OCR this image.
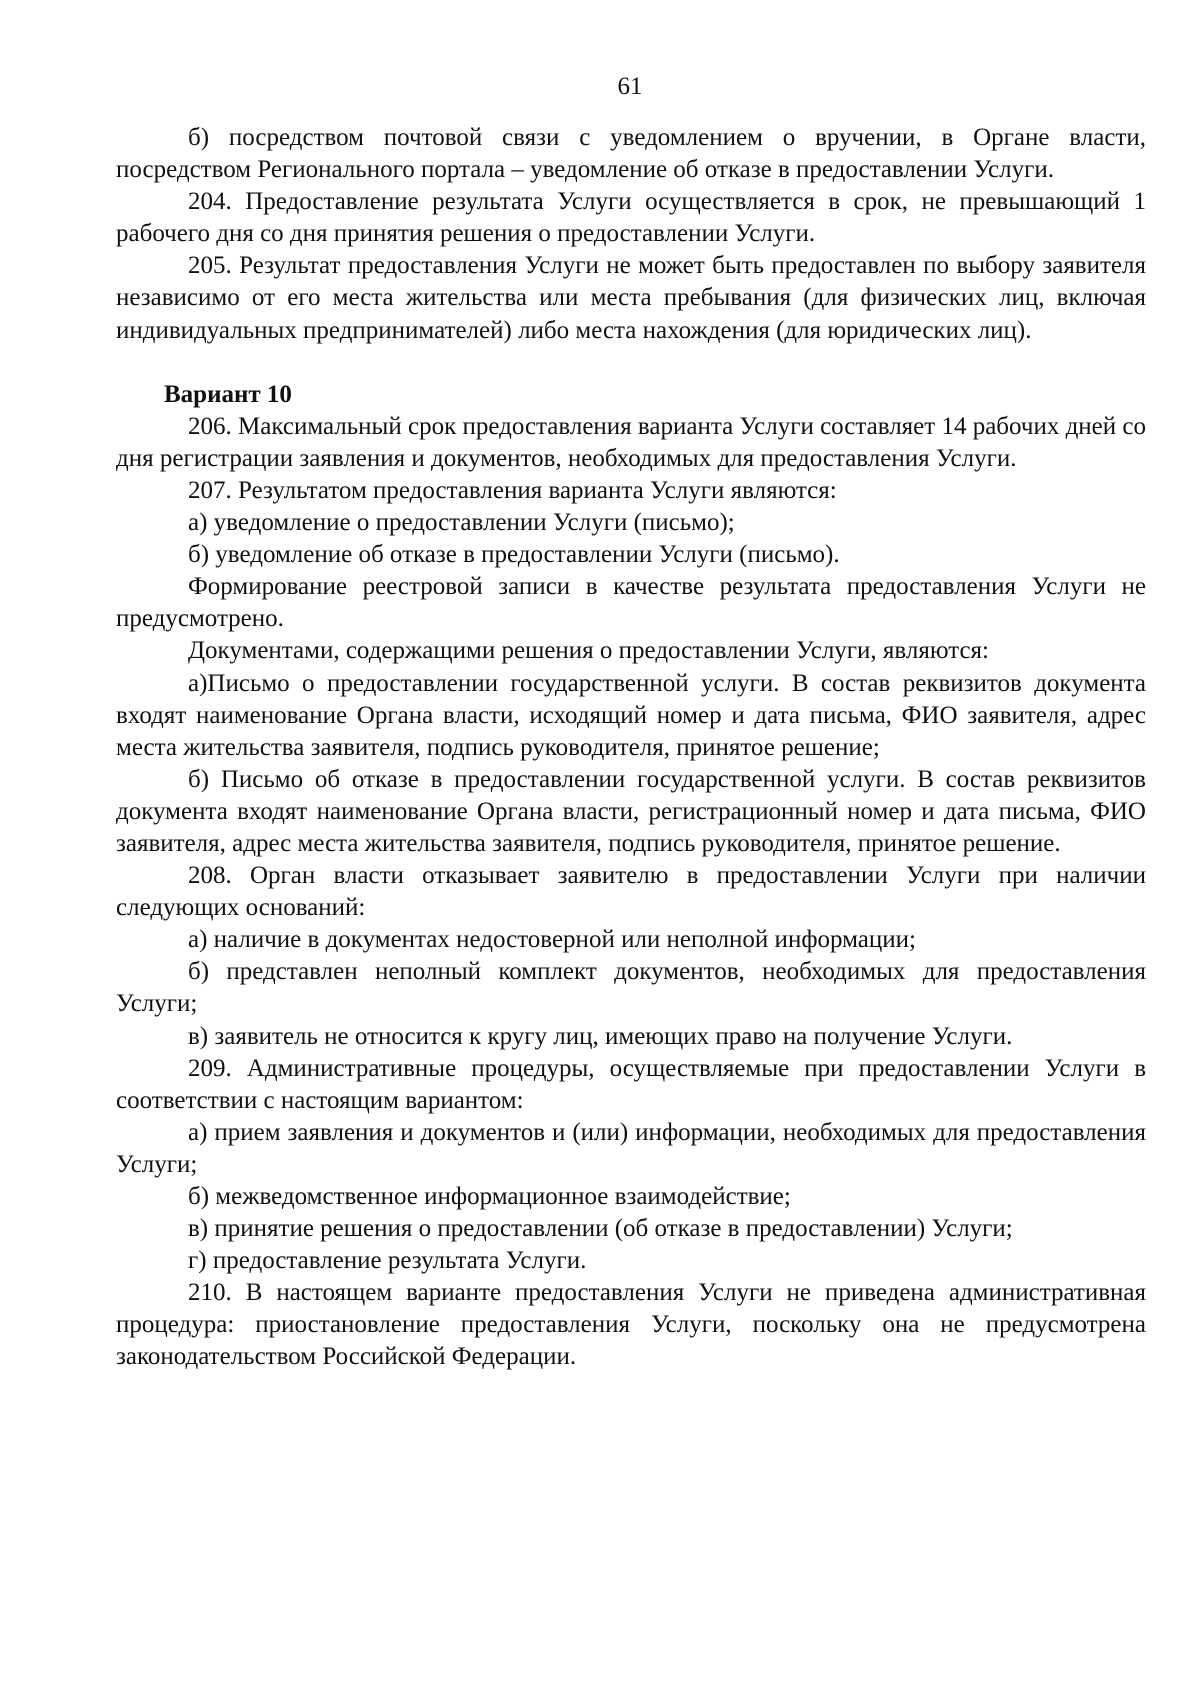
61

б) посредством почтовой связи с уведомлением о вручении, в Органе власти, посредством Регионального портала – уведомление об отказе в предоставлении Услуги.

204. Предоставление результата Услуги осуществляется в срок, не превышающий 1 рабочего дня со дня принятия решения о предоставлении Услуги.

205. Результат предоставления Услуги не может быть предоставлен по выбору заявителя независимо от его места жительства или места пребывания (для физических лиц, включая индивидуальных предпринимателей) либо места нахождения (для юридических лиц).

Вариант 10

206. Максимальный срок предоставления варианта Услуги составляет 14 рабочих дней со дня регистрации заявления и документов, необходимых для предоставления Услуги.

207. Результатом предоставления варианта Услуги являются:

а) уведомление о предоставлении Услуги (письмо);

б) уведомление об отказе в предоставлении Услуги (письмо).

Формирование реестровой записи в качестве результата предоставления Услуги не предусмотрено.

Документами, содержащими решения о предоставлении Услуги, являются:

а)Письмо о предоставлении государственной услуги. В состав реквизитов документа входят наименование Органа власти, исходящий номер и дата письма, ФИО заявителя, адрес места жительства заявителя, подпись руководителя, принятое решение;

б) Письмо об отказе в предоставлении государственной услуги. В состав реквизитов документа входят наименование Органа власти, регистрационный номер и дата письма, ФИО заявителя, адрес места жительства заявителя, подпись руководителя, принятое решение.

208. Орган власти отказывает заявителю в предоставлении Услуги при наличии следующих оснований:

а) наличие в документах недостоверной или неполной информации;

б) представлен неполный комплект документов, необходимых для предоставления Услуги;

в) заявитель не относится к кругу лиц, имеющих право на получение Услуги.

209. Административные процедуры, осуществляемые при предоставлении Услуги в соответствии с настоящим вариантом:

а) прием заявления и документов и (или) информации, необходимых для предоставления Услуги;

б) межведомственное информационное взаимодействие;

в) принятие решения о предоставлении (об отказе в предоставлении) Услуги;

г) предоставление результата Услуги.

210. В настоящем варианте предоставления Услуги не приведена административная процедура: приостановление предоставления Услуги, поскольку она не предусмотрена законодательством Российской Федерации.
